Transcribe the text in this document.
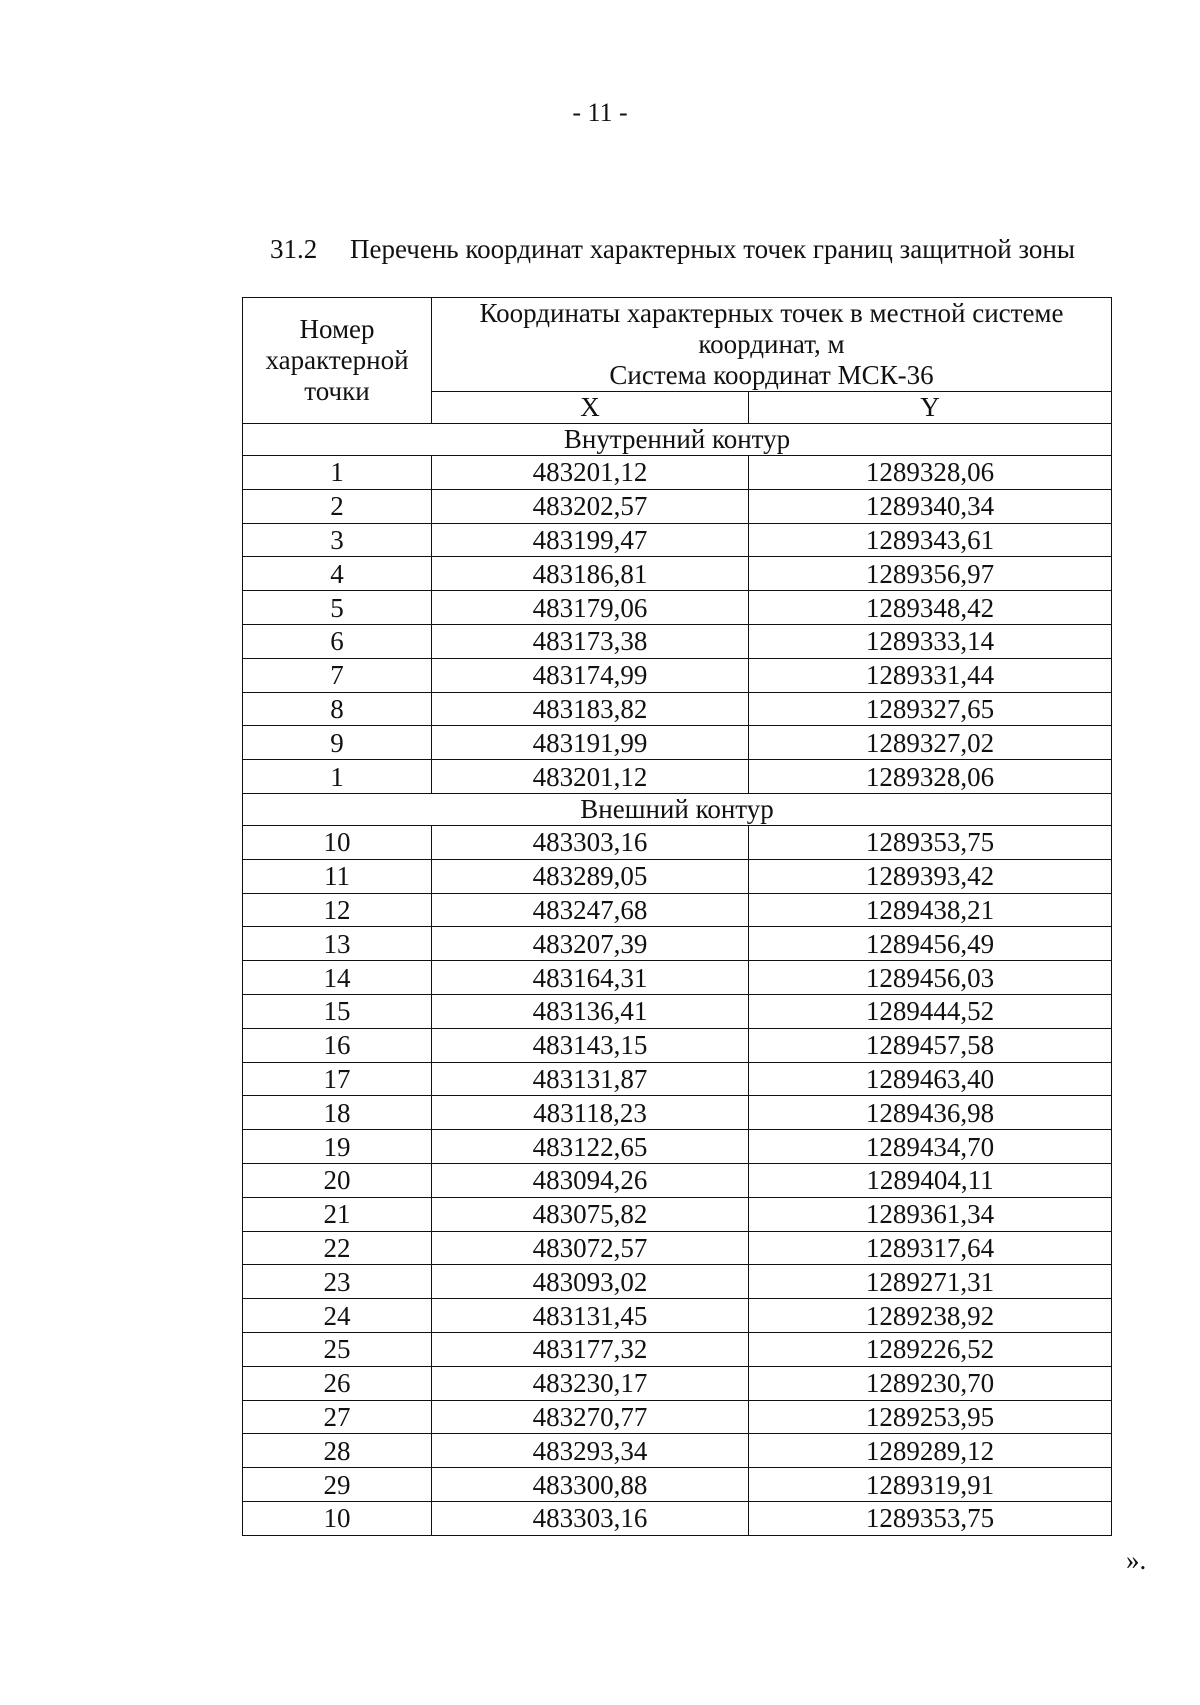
- 11 -
31.2 Перечень координат характерных точек границ защитной зоны
Номер характерной точки	Координаты характерных точек в местной системе
координат, м
Система координат МСК-36	

	X	Y
Внутренний контур		
1	483201,12	1289328,06
2	483202,57	1289340,34
3	483199,47	1289343,61
4	483186,81	1289356,97
5	483179,06	1289348,42
6	483173,38	1289333,14
7	483174,99	1289331,44
8	483183,82	1289327,65
9	483191,99	1289327,02
1	483201,12	1289328,06
Внешний контур		
10	483303,16	1289353,75
11	483289,05	1289393,42
12	483247,68	1289438,21
13	483207,39	1289456,49
14	483164,31	1289456,03
15	483136,41	1289444,52
16	483143,15	1289457,58
17	483131,87	1289463,40
18	483118,23	1289436,98
19	483122,65	1289434,70
20	483094,26	1289404,11
21	483075,82	1289361,34
22	483072,57	1289317,64
23	483093,02	1289271,31
24	483131,45	1289238,92
25	483177,32	1289226,52
26	483230,17	1289230,70
27	483270,77	1289253,95
28	483293,34	1289289,12
29	483300,88	1289319,91
10	483303,16	1289353,75
».
